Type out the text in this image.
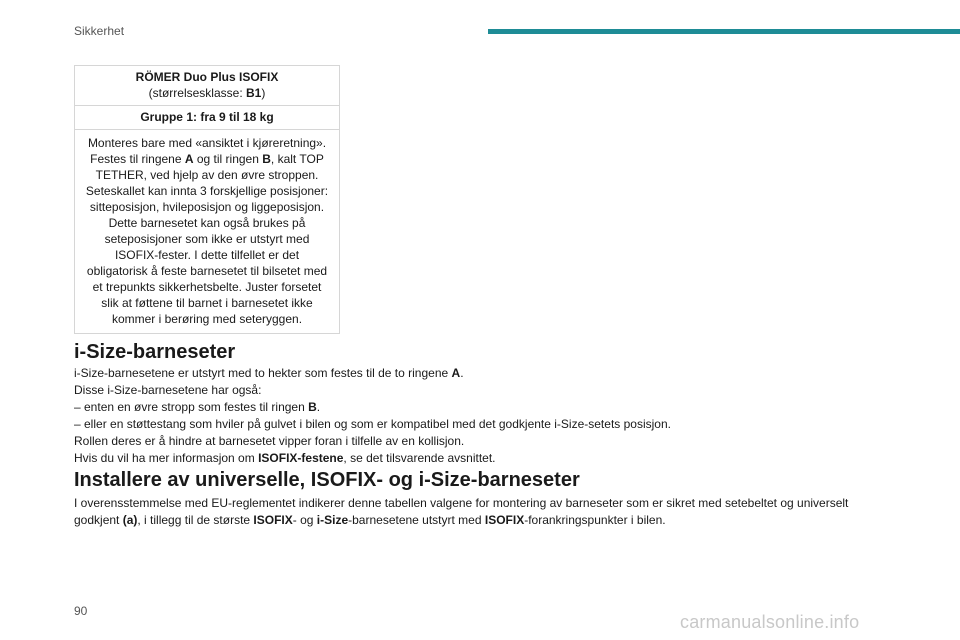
Sikkerhet
RÖMER Duo Plus ISOFIX
(størrelsesklasse: B1)
Gruppe 1: fra 9 til 18 kg
Monteres bare med «ansiktet i kjøreretning».
Festes til ringene A og til ringen B, kalt TOP
TETHER, ved hjelp av den øvre stroppen.
Seteskallet kan innta 3 forskjellige posisjoner:
sitteposisjon, hvileposisjon og liggeposisjon.
Dette barnesetet kan også brukes på
seteposisjoner som ikke er utstyrt med
ISOFIX-fester. I dette tilfellet er det
obligatorisk å feste barnesetet til bilsetet med
et trepunkts sikkerhetsbelte. Juster forsetet
slik at føttene til barnet i barnesetet ikke
kommer i berøring med seteryggen.
i-Size-barneseter
i-Size-barnesetene er utstyrt med to hekter som festes til de to ringene A.
Disse i-Size-barnesetene har også:
– enten en øvre stropp som festes til ringen B.
– eller en støttestang som hviler på gulvet i bilen og som er kompatibel med det godkjente i-Size-setets posisjon.
Rollen deres er å hindre at barnesetet vipper foran i tilfelle av en kollisjon.
Hvis du vil ha mer informasjon om ISOFIX-festene, se det tilsvarende avsnittet.
Installere av universelle, ISOFIX- og i-Size-barneseter
I overensstemmelse med EU-reglementet indikerer denne tabellen valgene for montering av barneseter som er sikret med setebeltet og universelt
godkjent (a), i tillegg til de største ISOFIX- og i-Size-barnesetene utstyrt med ISOFIX-forankringspunkter i bilen.
90
carmanualsonline.info
